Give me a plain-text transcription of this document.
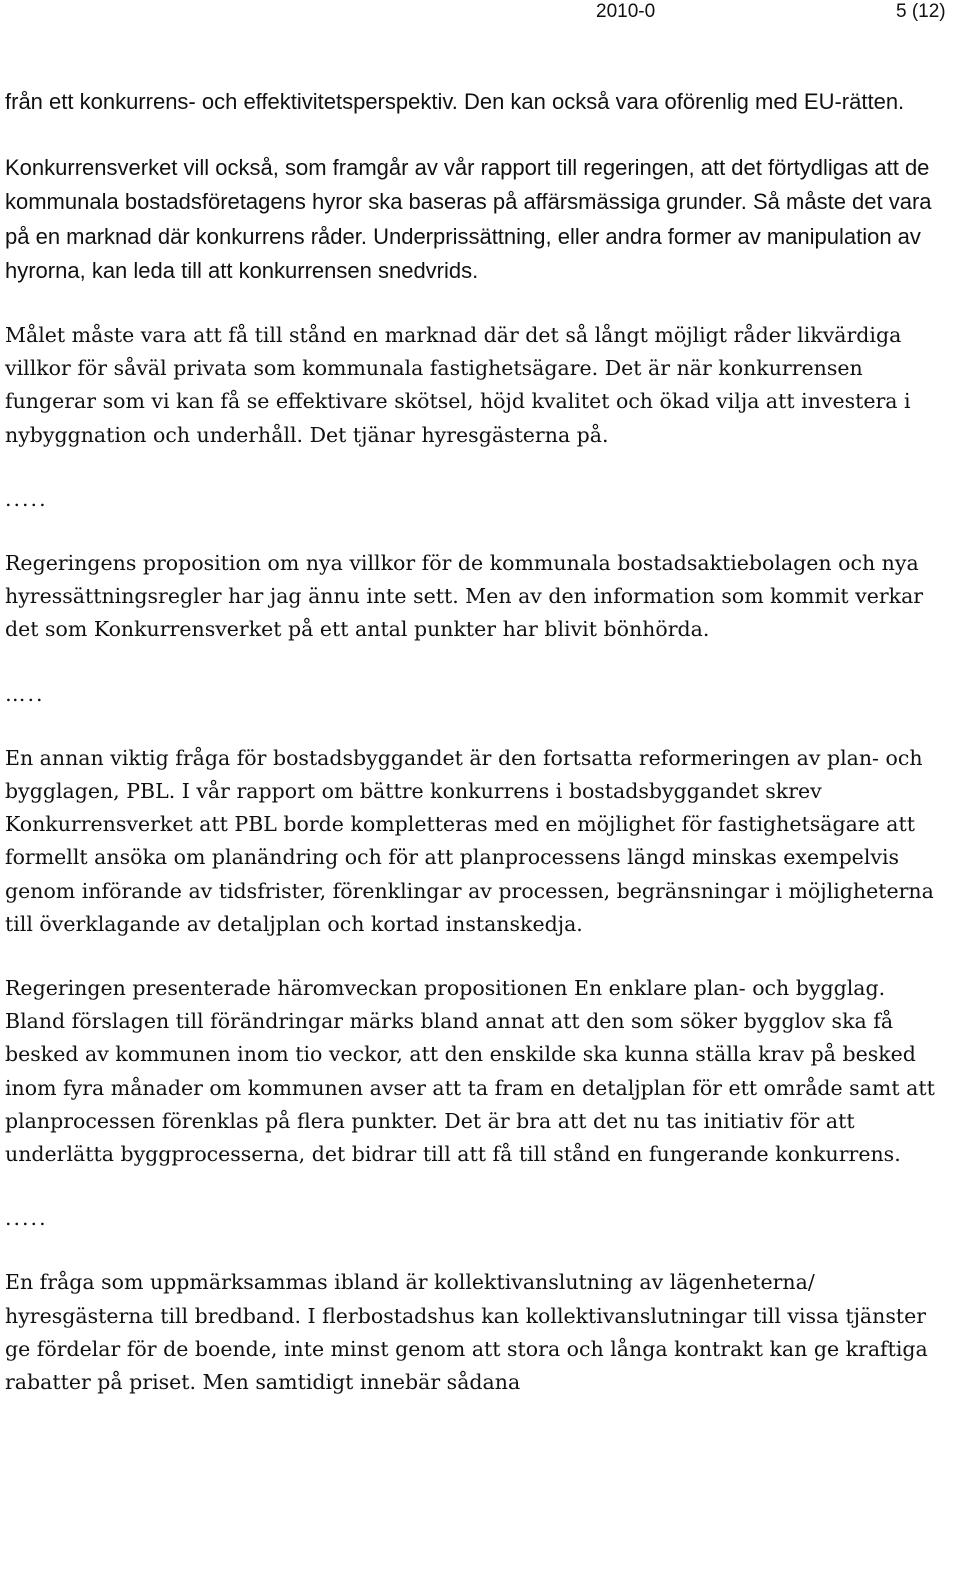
2010-0	5 (12)

från ett konkurrens- och effektivitetsperspektiv. Den kan också vara oförenlig med EU-rätten.

Konkurrensverket vill också, som framgår av vår rapport till regeringen, att det förtydligas att de kommunala bostadsföretagens hyror ska baseras på affärsmässiga grunder. Så måste det vara på en marknad där konkurrens råder. Underprissättning, eller andra former av manipulation av hyrorna, kan leda till att konkurrensen snedvrids.

Målet måste vara att få till stånd en marknad där det så långt möjligt råder likvärdiga villkor för såväl privata som kommunala fastighetsägare. Det är när konkurrensen fungerar som vi kan få se effektivare skötsel, höjd kvalitet och ökad vilja att investera i nybyggnation och underhåll. Det tjänar hyresgästerna på.

.....

Regeringens proposition om nya villkor för de kommunala bostadsaktiebolagen och nya hyressättningsregler har jag ännu inte sett. Men av den information som kommit verkar det som Konkurrensverket på ett antal punkter har blivit bönhörda.

…..

En annan viktig fråga för bostadsbyggandet är den fortsatta reformeringen av plan- och bygglagen, PBL. I vår rapport om bättre konkurrens i bostadsbyggandet skrev Konkurrensverket att PBL borde kompletteras med en möjlighet för fastighetsägare att formellt ansöka om planändring och för att planprocessens längd minskas exempelvis genom införande av tidsfrister, förenklingar av processen, begränsningar i möjligheterna till överklagande av detaljplan och kortad instanskedja.

Regeringen presenterade häromveckan propositionen En enklare plan- och bygglag. Bland förslagen till förändringar märks bland annat att den som söker bygglov ska få besked av kommunen inom tio veckor, att den enskilde ska kunna ställa krav på besked inom fyra månader om kommunen avser att ta fram en detaljplan för ett område samt att planprocessen förenklas på flera punkter. Det är bra att det nu tas initiativ för att underlätta byggprocesserna, det bidrar till att få till stånd en fungerande konkurrens.

.....

En fråga som uppmärksammas ibland är kollektivanslutning av lägenheterna/ hyresgästerna till bredband. I flerbostadshus kan kollektivanslutningar till vissa tjänster ge fördelar för de boende, inte minst genom att stora och långa kontrakt kan ge kraftiga rabatter på priset. Men samtidigt innebär sådana
